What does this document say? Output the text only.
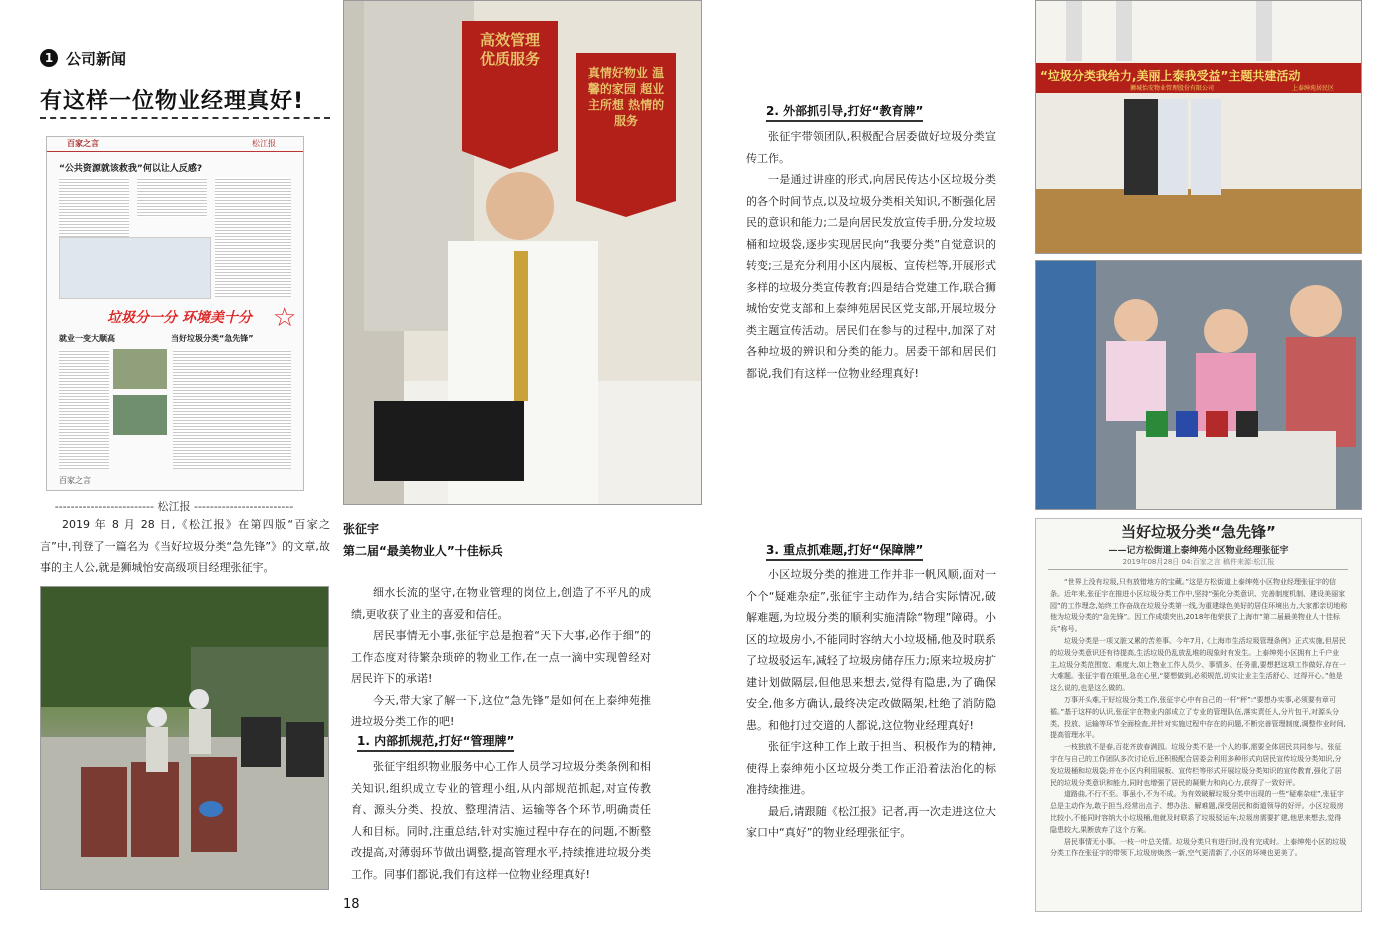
1 公司新闻
有这样一位物业经理真好!
百家之言	松江报
“公共资源就该救我”何以让人反感?
垃圾分一分 环境美十分 ☆
就业一变大顺高	当好垃圾分类“急先锋”
百家之言
------------------------- 松江报 -------------------------

2019 年 8 月 28 日,《松江报》在第四版“百家之言”中,刊登了一篇名为《当好垃圾分类“急先锋”》的文章,故事的主人公,就是狮城怡安高级项目经理张征宇。

高效管理 优质服务
真情好物业 温馨的家园 超业主所想 热情的服务
“垃圾分类我给力,美丽上泰我受益”主题共建活动
狮城怡安物业管理股份有限公司	上泰绅苑居民区
张征宇
第二届“最美物业人”十佳标兵

细水长流的坚守,在物业管理的岗位上,创造了不平凡的成绩,更收获了业主的喜爱和信任。

居民事情无小事,张征宇总是抱着“天下大事,必作于细”的工作态度对待繁杂琐碎的物业工作,在一点一滴中实现曾经对居民许下的承诺!

今天,带大家了解一下,这位“急先锋”是如何在上泰绅苑推进垃圾分类工作的吧!

1. 内部抓规范,打好“管理牌”

张征宇组织物业服务中心工作人员学习垃圾分类条例和相关知识,组织成立专业的管理小组,从内部规范抓起,对宣传教育、源头分类、投放、整理清洁、运输等各个环节,明确责任人和目标。同时,注重总结,针对实施过程中存在的问题,不断整改提高,对薄弱环节做出调整,提高管理水平,持续推进垃圾分类工作。同事们都说,我们有这样一位物业经理真好!

18
2. 外部抓引导,打好“教育牌”

张征宇带领团队,积极配合居委做好垃圾分类宣传工作。

一是通过讲座的形式,向居民传达小区垃圾分类的各个时间节点,以及垃圾分类相关知识,不断强化居民的意识和能力;二是向居民发放宣传手册,分发垃圾桶和垃圾袋,逐步实现居民向“我要分类”自觉意识的转变;三是充分利用小区内展板、宣传栏等,开展形式多样的垃圾分类宣传教育;四是结合党建工作,联合狮城怡安党支部和上泰绅苑居民区党支部,开展垃圾分类主题宣传活动。居民们在参与的过程中,加深了对各种垃圾的辨识和分类的能力。居委干部和居民们都说,我们有这样一位物业经理真好!

3. 重点抓难题,打好“保障牌”

小区垃圾分类的推进工作并非一帆风顺,面对一个个“疑难杂症”,张征宇主动作为,结合实际情况,破解难题,为垃圾分类的顺利实施清除“物理”障碍。小区的垃圾房小,不能同时容纳大小垃圾桶,他及时联系了垃圾驳运车,减轻了垃圾房储存压力;原来垃圾房扩建计划做隔层,但他思来想去,觉得有隐患,为了确保安全,他多方确认,最终决定改做隔架,杜绝了消防隐患。和他打过交道的人都说,这位物业经理真好!

张征宇这种工作上敢于担当、积极作为的精神,使得上泰绅苑小区垃圾分类工作正沿着法治化的标准持续推进。

最后,请跟随《松江报》记者,再一次走进这位大家口中“真好”的物业经理张征宇。

当好垃圾分类“急先锋”
——记方松街道上泰绅苑小区物业经理张征宇
2019年08月28日 04:百家之言 稿件来源:松江报

“世界上没有垃圾,只有放错地方的宝藏。”这是方松街道上泰绅苑小区物业经理张征宇的信条。近年来,张征宇在推进小区垃圾分类工作中,坚持“强化分类意识、完善制度机制、建设美丽家园”的工作理念,始终工作奋战在垃圾分类第一线,为重建绿色美好的居住环境出力,大家都亲切地称他为垃圾分类的“急先锋”。因工作成绩突出,2018年他荣获了上海市“第二届最美物业人十佳标兵”称号。

垃圾分类是一项又脏又累的苦差事。今年7月,《上海市生活垃圾管理条例》正式实施,但居民的垃圾分类意识还有待提高,生活垃圾仍乱放乱堆的现象时有发生。上泰绅苑小区拥有上千户业主,垃圾分类范围宽、难度大,如上物业工作人员少、事情多、任务重,要想把这项工作做好,存在一大难题。张征宇看在眼里,急在心里,“要想做到,必须规范,切实让业主生活舒心、过得开心。”他是这么说的,也是这么做的。

万事开头难,干好垃圾分类工作,张征宇心中有自己的一杆“秤”:“要想办实事,必须要有章可循。”基于这样的认识,张征宇在物业内部成立了专业的管理队伍,落实责任人,分片包干,对源头分类、投放、运输等环节全面检查,并针对实施过程中存在的问题,不断完善管理制度,调整作业时间,提高管理水平。

一枝独放不是春,百花齐放春满园。垃圾分类不是一个人的事,需要全体居民共同参与。张征宇在与自己的工作团队多次讨论后,还积极配合居委会利用多种形式向居民宣传垃圾分类知识,分发垃圾桶和垃圾袋;并在小区内利用展板、宣传栏等形式开展垃圾分类知识的宣传教育,强化了居民的垃圾分类意识和能力,同时也增强了居民的凝聚力和向心力,获得了一致好评。

道路曲,不行不至。事虽小,不为不成。为有效破解垃圾分类中出现的一些“疑难杂症”,张征宇总是主动作为,敢于担当,经常出点子、想办法、解难题,深受居民和街道领导的好评。小区垃圾房比较小,不能同时容纳大小垃圾桶,他就及时联系了垃圾驳运车;垃圾房需要扩建,他思来想去,觉得隐患较大,果断放弃了这个方案。

居民事情无小事。一枝一叶总关情。垃圾分类只有进行时,没有完成时。上泰绅苑小区的垃圾分类工作在张征宇的带领下,垃圾房焕然一新,空气更清新了,小区的环境也更美了。
